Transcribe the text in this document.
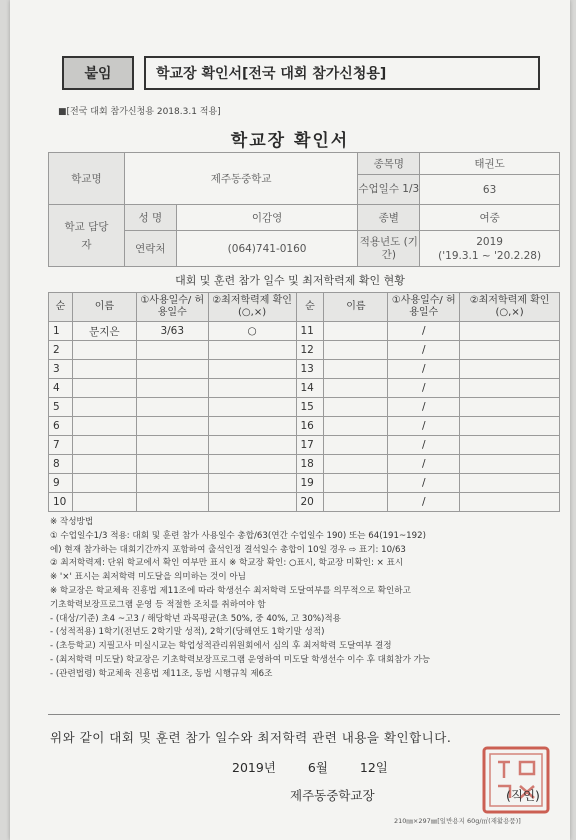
붙임	학교장 확인서[전국 대회 참가신청용]
■[전국 대회 참가신청용 2018.3.1 적용]
학교장 확인서
학교명	제주동중학교		종목명	태권도
			수업일수 1/3	63
학교 담당자	성 명	이감영	종별	여중
	연락처	(064)741-0160	적용년도 (기간)	2019
('19.3.1 ~ '20.2.28)
대회 및 훈련 참가 일수 및 최저학력제 확인 현황
순	이름	①사용일수/ 허용일수	②최저학력제 확인(○,×)	순	이름	①사용일수/ 허용일수	②최저학력제 확인(○,×)
1	문지은	3/63	○	11		/	
2				12		/	
3				13		/	
4				14		/	
5				15		/	
6				16		/	
7				17		/	
8				18		/	
9				19		/	
10				20		/	
※ 작성방법
① 수업일수1/3 적용: 대회 및 훈련 참가 사용일수 총합/63(연간 수업일수 190) 또는 64(191~192)
에) 현재 참가하는 대회기간까지 포함하여 출석인정 결석일수 총합이 10일 경우 ⇨ 표기: 10/63
② 최저학력제: 단위 학교에서 확인 여부만 표시 ※ 학교장 확인: ○표시, 학교장 미확인: × 표시
※ '×' 표시는 최저학력 미도달을 의미하는 것이 아님
※ 학교장은 학교체육 진흥법 제11조에 따라 학생선수 최저학력 도달여부를 의무적으로 확인하고
기초학력보장프로그램 운영 등 적절한 조치를 취하여야 함
- (대상/기준) 초4 ~고3 / 해당학년 과목평균(초 50%, 중 40%, 고 30%)적용
- (성적적용) 1학기(전년도 2학기말 성적), 2학기(당해연도 1학기말 성적)
- (초등학교) 지필고사 미실시교는 학업성적관리위원회에서 심의 후 최저학력 도달여부 결정
- (최저학력 미도달) 학교장은 기초학력보장프로그램 운영하여 미도달 학생선수 이수 후 대회참가 가능
- (관련법령) 학교체육 진흥법 제11조, 동법 시행규칙 제6조
위와 같이 대회 및 훈련 참가 일수와 최저학력 관련 내용을 확인합니다.
2019년	6월	12일
제주동중학교장	(직인)
210㎜×297㎜[일반용지 60g/㎡(재활용품)]
